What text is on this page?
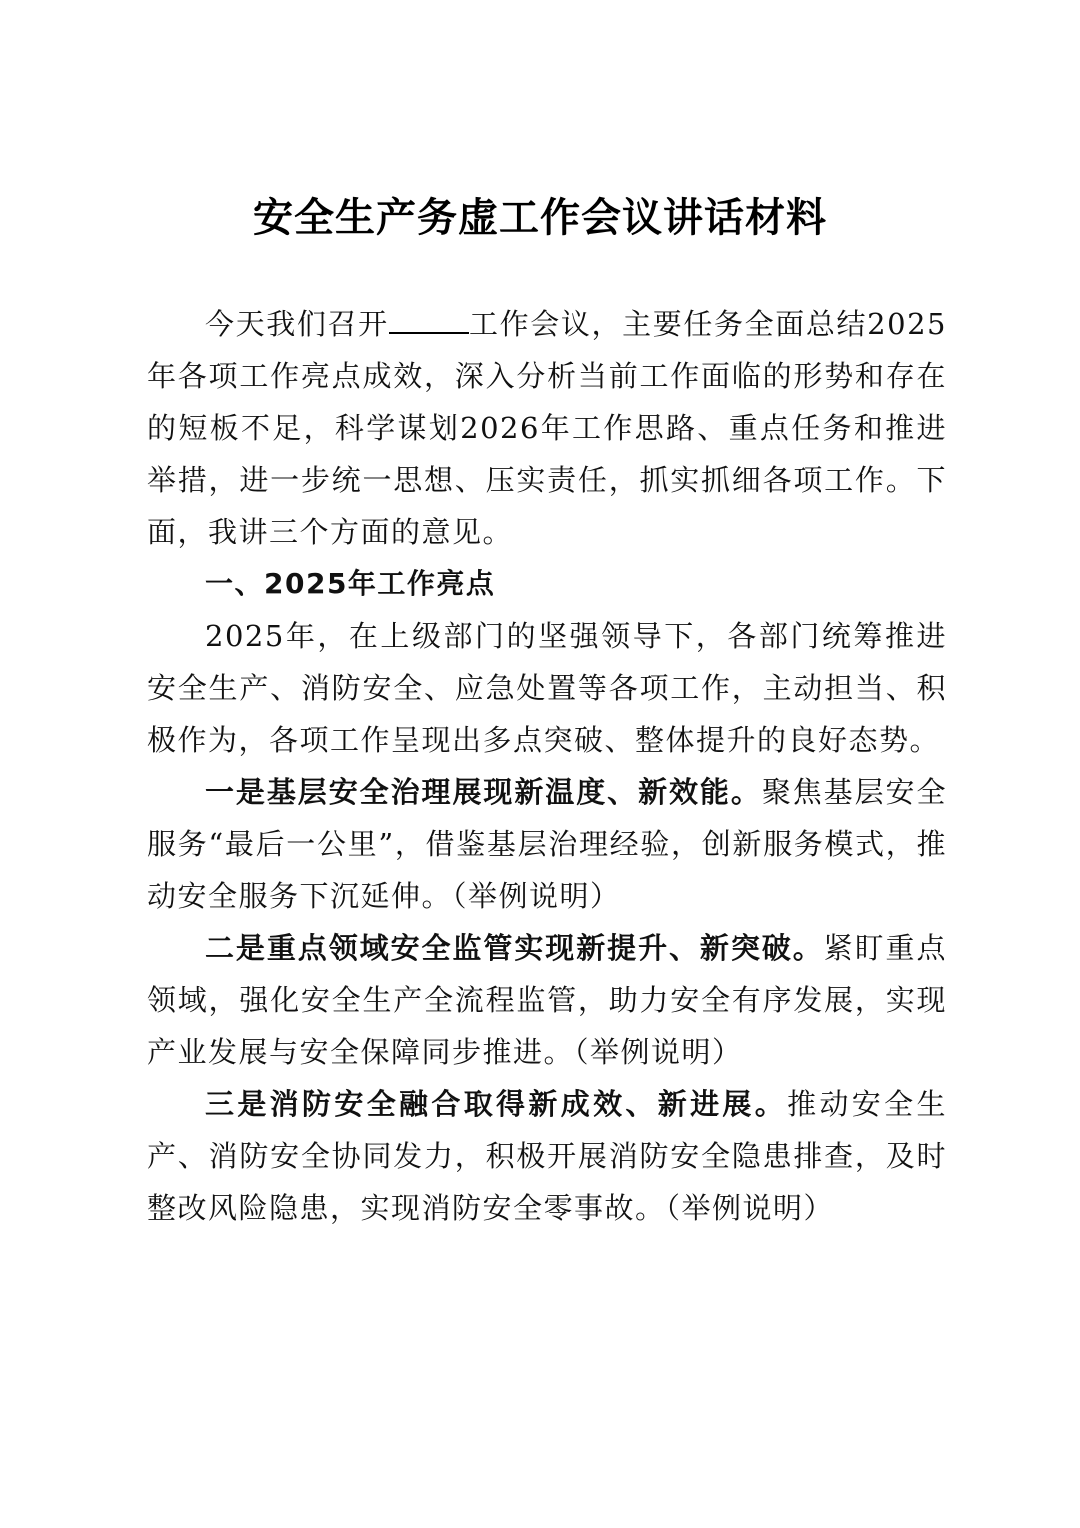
安全生产务虚工作会议讲话材料

今天我们召开	工作会议，主要任务全面总结2025年各项工作亮点成效，深入分析当前工作面临的形势和存在的短板不足，科学谋划2026年工作思路、重点任务和推进举措，进一步统一思想、压实责任，抓实抓细各项工作。下面，我讲三个方面的意见。

一、2025年工作亮点

2025年，在上级部门的坚强领导下，各部门统筹推进安全生产、消防安全、应急处置等各项工作，主动担当、积极作为，各项工作呈现出多点突破、整体提升的良好态势。

一是基层安全治理展现新温度、新效能。聚焦基层安全服务“最后一公里”，借鉴基层治理经验，创新服务模式，推动安全服务下沉延伸。（举例说明）

二是重点领域安全监管实现新提升、新突破。紧盯重点领域，强化安全生产全流程监管，助力安全有序发展，实现产业发展与安全保障同步推进。（举例说明）

三是消防安全融合取得新成效、新进展。推动安全生产、消防安全协同发力，积极开展消防安全隐患排查，及时整改风险隐患，实现消防安全零事故。（举例说明）
